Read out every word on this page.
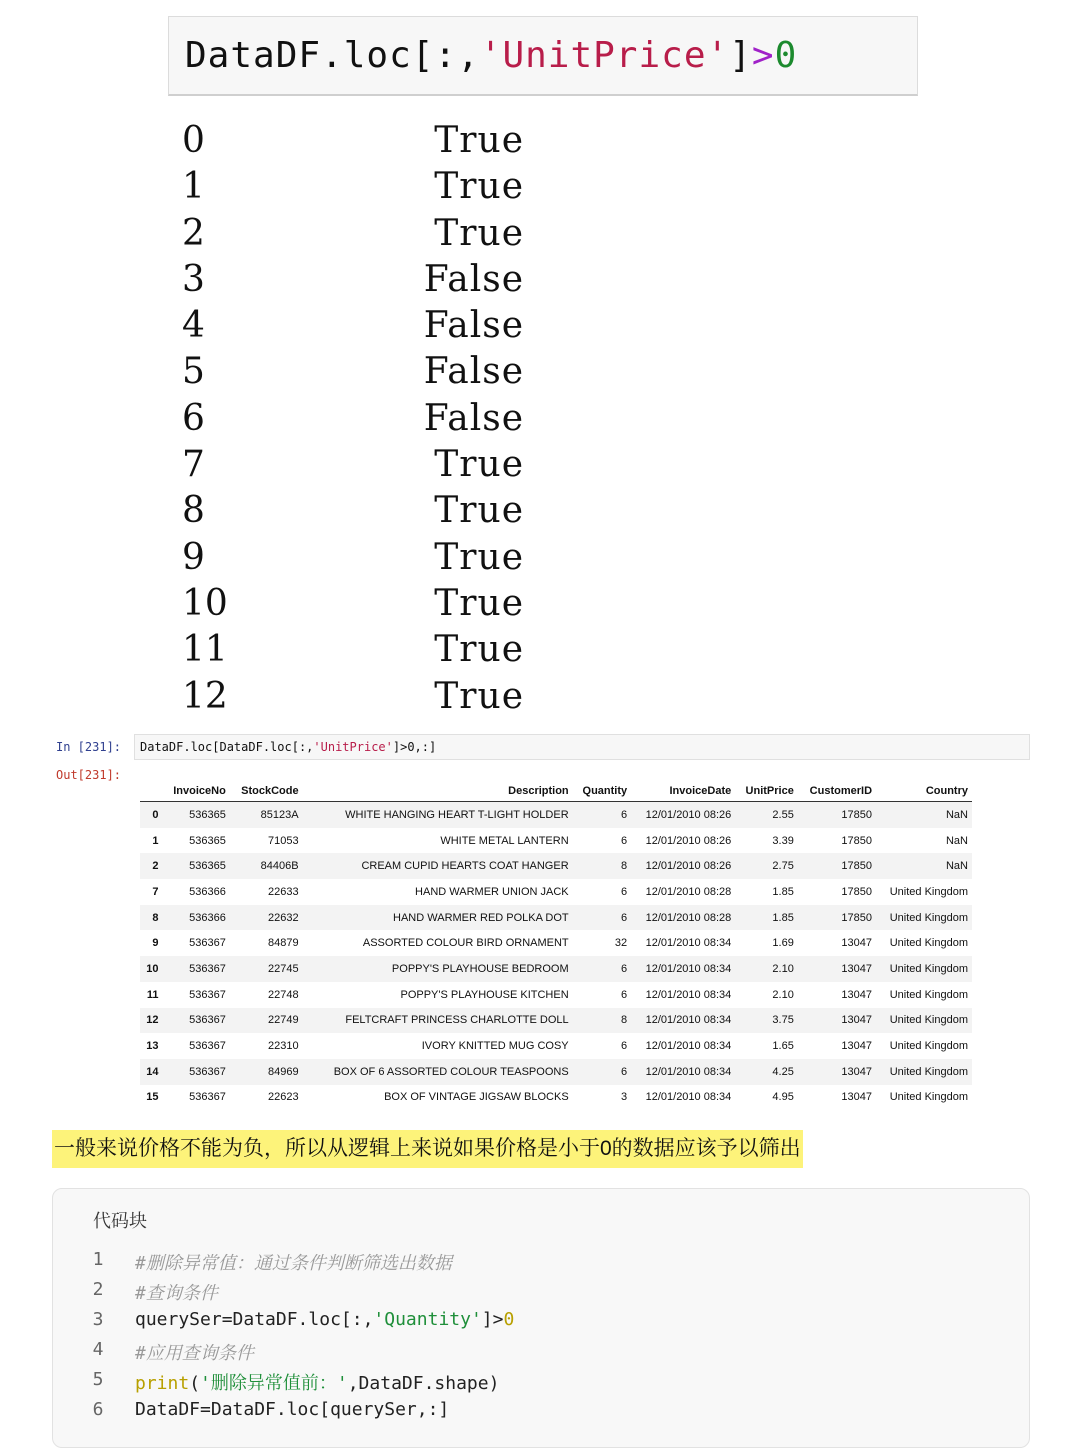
DataDF.loc[:,'UnitPrice']>0
0	True
1	True
2	True
3	False
4	False
5	False
6	False
7	True
8	True
9	True
10	True
11	True
12	True
In [231]: DataDF.loc[DataDF.loc[:,'UnitPrice']>0,:]
Out[231]:
	InvoiceNo	StockCode	Description	Quantity	InvoiceDate	UnitPrice	CustomerID	Country
0	536365	85123A	WHITE HANGING HEART T-LIGHT HOLDER	6	12/01/2010 08:26	2.55	17850	NaN
1	536365	71053	WHITE METAL LANTERN	6	12/01/2010 08:26	3.39	17850	NaN
2	536365	84406B	CREAM CUPID HEARTS COAT HANGER	8	12/01/2010 08:26	2.75	17850	NaN
7	536366	22633	HAND WARMER UNION JACK	6	12/01/2010 08:28	1.85	17850	United Kingdom
8	536366	22632	HAND WARMER RED POLKA DOT	6	12/01/2010 08:28	1.85	17850	United Kingdom
9	536367	84879	ASSORTED COLOUR BIRD ORNAMENT	32	12/01/2010 08:34	1.69	13047	United Kingdom
10	536367	22745	POPPY'S PLAYHOUSE BEDROOM	6	12/01/2010 08:34	2.10	13047	United Kingdom
11	536367	22748	POPPY'S PLAYHOUSE KITCHEN	6	12/01/2010 08:34	2.10	13047	United Kingdom
12	536367	22749	FELTCRAFT PRINCESS CHARLOTTE DOLL	8	12/01/2010 08:34	3.75	13047	United Kingdom
13	536367	22310	IVORY KNITTED MUG COSY	6	12/01/2010 08:34	1.65	13047	United Kingdom
14	536367	84969	BOX OF 6 ASSORTED COLOUR TEASPOONS	6	12/01/2010 08:34	4.25	13047	United Kingdom
15	536367	22623	BOX OF VINTAGE JIGSAW BLOCKS	3	12/01/2010 08:34	4.95	13047	United Kingdom
一般来说价格不能为负，所以从逻辑上来说如果价格是小于0的数据应该予以筛出
代码块
1 #删除异常值：通过条件判断筛选出数据
2 #查询条件
3 querySer=DataDF.loc[:,'Quantity']>0
4 #应用查询条件
5 print('删除异常值前：',DataDF.shape)
6 DataDF=DataDF.loc[querySer,:]
